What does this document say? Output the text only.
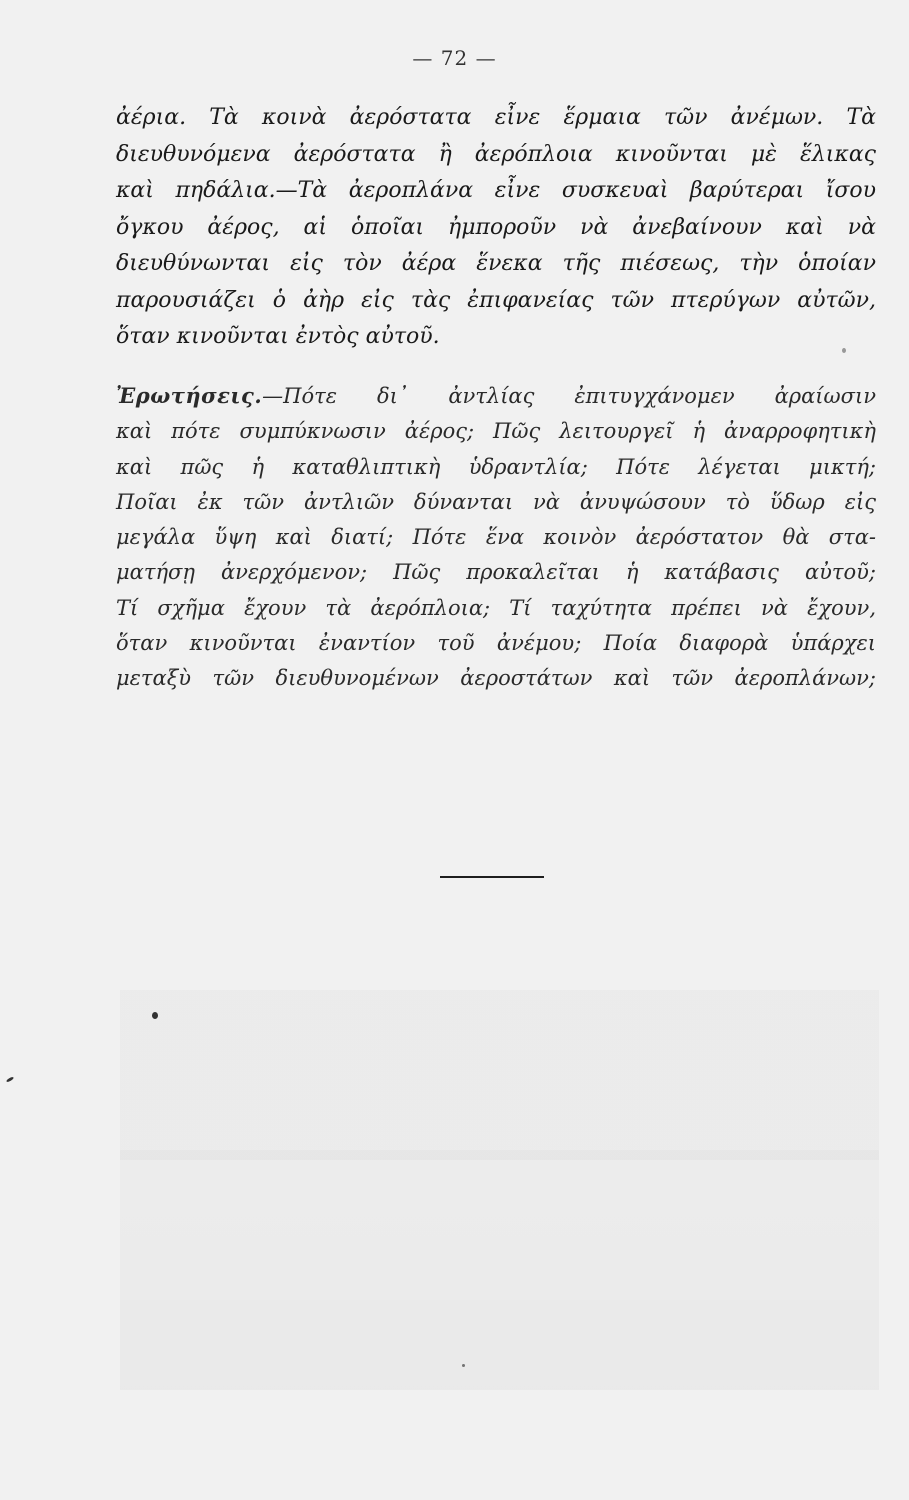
— 72 —
ἀέρια. Τὰ κοινὰ ἀερόστατα εἶνε ἕρμαια τῶν ἀνέμων. Τὰ
διευθυνόμενα ἀερόστατα ἢ ἀερόπλοια κινοῦνται μὲ ἕλικας
καὶ πηδάλια.—Τὰ ἀεροπλάνα εἶνε συσκευαὶ βαρύτεραι ἴσου
ὄγκου ἀέρος, αἱ ὁποῖαι ἠμποροῦν νὰ ἀνεβαίνουν καὶ νὰ
διευθύνωνται εἰς τὸν ἀέρα ἕνεκα τῆς πιέσεως, τὴν ὁποίαν
παρουσιάζει ὁ ἀὴρ εἰς τὰς ἐπιφανείας τῶν πτερύγων αὐτῶν,
ὅταν κινοῦνται ἐντὸς αὐτοῦ.
Ἐρωτήσεις.—Πότε δι᾿ ἀντλίας ἐπιτυγχάνομεν ἀραίωσιν
καὶ πότε συμπύκνωσιν ἀέρος; Πῶς λειτουργεῖ ἡ ἀναρροφητικὴ
καὶ πῶς ἡ καταθλιπτικὴ ὑδραντλία; Πότε λέγεται μικτή;
Ποῖαι ἐκ τῶν ἀντλιῶν δύνανται νὰ ἀνυψώσουν τὸ ὕδωρ εἰς
μεγάλα ὕψη καὶ διατί; Πότε ἕνα κοινὸν ἀερόστατον θὰ στα-
ματήσῃ ἀνερχόμενον; Πῶς προκαλεῖται ἡ κατάβασις αὐτοῦ;
Τί σχῆμα ἔχουν τὰ ἀερόπλοια; Τί ταχύτητα πρέπει νὰ ἔχουν,
ὅταν κινοῦνται ἐναντίον τοῦ ἀνέμου; Ποία διαφορὰ ὑπάρχει
μεταξὺ τῶν διευθυνομένων ἀεροστάτων καὶ τῶν ἀεροπλάνων;
